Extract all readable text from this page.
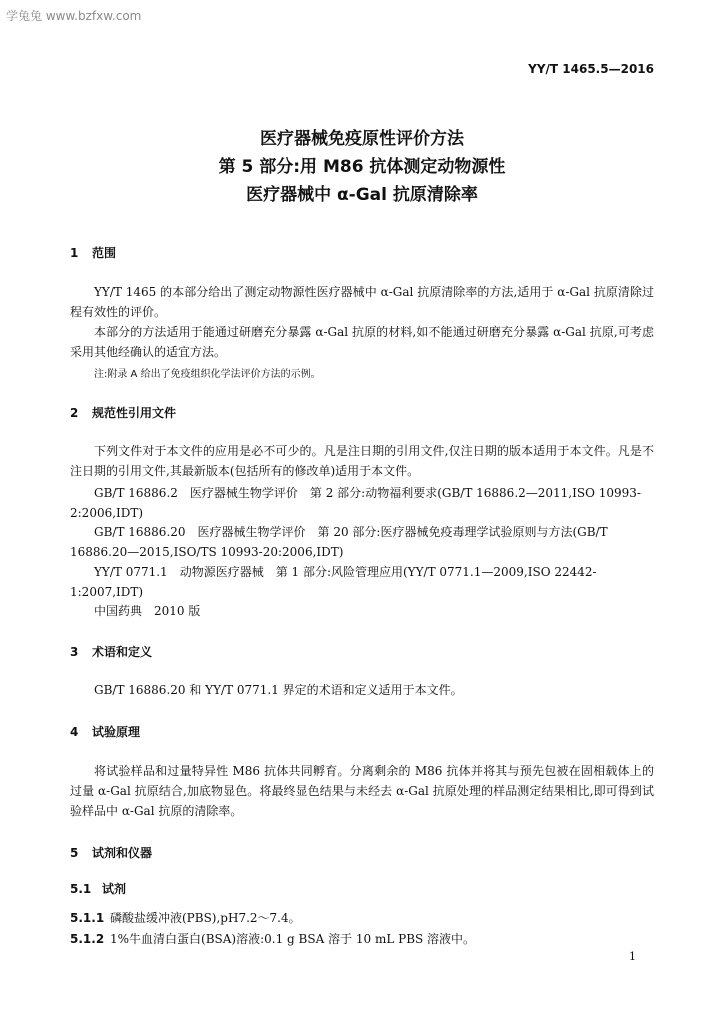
学兔兔 www.bzfxw.com
YY/T 1465.5—2016
医疗器械免疫原性评价方法
第 5 部分:用 M86 抗体测定动物源性
医疗器械中 α-Gal 抗原清除率
1 范围
YY/T 1465 的本部分给出了测定动物源性医疗器械中 α-Gal 抗原清除率的方法,适用于 α-Gal 抗原清除过程有效性的评价。
本部分的方法适用于能通过研磨充分暴露 α-Gal 抗原的材料,如不能通过研磨充分暴露 α-Gal 抗原,可考虑采用其他经确认的适宜方法。
注:附录 A 给出了免疫组织化学法评价方法的示例。
2 规范性引用文件
下列文件对于本文件的应用是必不可少的。凡是注日期的引用文件,仅注日期的版本适用于本文件。凡是不注日期的引用文件,其最新版本(包括所有的修改单)适用于本文件。
GB/T 16886.2　医疗器械生物学评价　第 2 部分:动物福利要求(GB/T 16886.2—2011,ISO 10993-2:2006,IDT)
GB/T 16886.20　医疗器械生物学评价　第 20 部分:医疗器械免疫毒理学试验原则与方法(GB/T 16886.20—2015,ISO/TS 10993-20:2006,IDT)
YY/T 0771.1　动物源医疗器械　第 1 部分:风险管理应用(YY/T 0771.1—2009,ISO 22442-1:2007,IDT)
中国药典　2010 版
3 术语和定义
GB/T 16886.20 和 YY/T 0771.1 界定的术语和定义适用于本文件。
4 试验原理
将试验样品和过量特异性 M86 抗体共同孵育。分离剩余的 M86 抗体并将其与预先包被在固相载体上的过量 α-Gal 抗原结合,加底物显色。将最终显色结果与未经去 α-Gal 抗原处理的样品测定结果相比,即可得到试验样品中 α-Gal 抗原的清除率。
5 试剂和仪器
5.1 试剂
5.1.1 磷酸盐缓冲液(PBS),pH7.2～7.4。
5.1.2 1%牛血清白蛋白(BSA)溶液:0.1 g BSA 溶于 10 mL PBS 溶液中。
1
